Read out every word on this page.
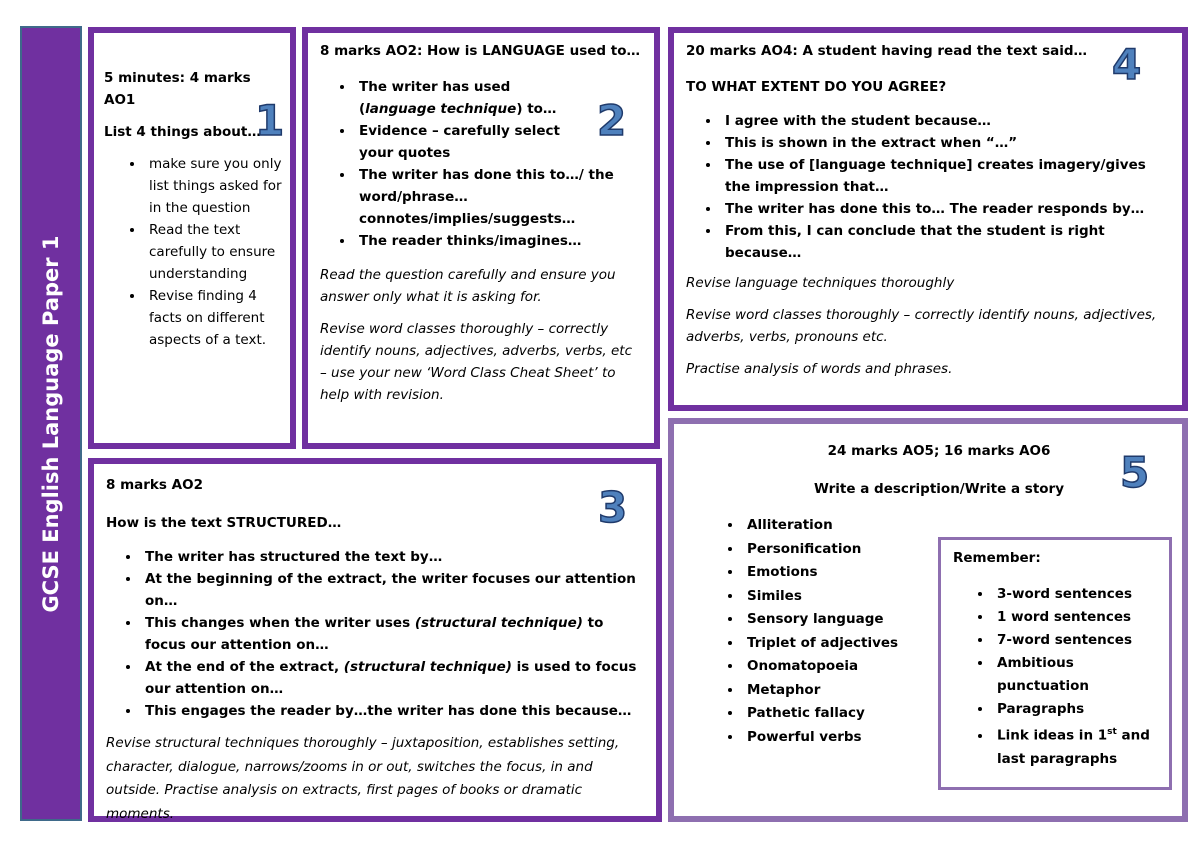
GCSE English Language Paper 1

5 minutes: 4 marks AO1

List 4 things about…

• make sure you only list things asked for in the question
• Read the text carefully to ensure understanding
• Revise finding 4 facts on different aspects of a text.
1

8 marks AO2: How is LANGUAGE used to…

• The writer has used (language technique) to…
• Evidence – carefully select your quotes
• The writer has done this to…/ the word/phrase… connotes/implies/suggests…
• The reader thinks/imagines…

Read the question carefully and ensure you answer only what it is asking for.

Revise word classes thoroughly – correctly identify nouns, adjectives, adverbs, verbs, etc – use your new ‘Word Class Cheat Sheet’ to help with revision.

2

8 marks AO2

How is the text STRUCTURED…

• The writer has structured the text by…
• At the beginning of the extract, the writer focuses our attention on…
• This changes when the writer uses (structural technique) to focus our attention on…
• At the end of the extract, (structural technique) is used to focus our attention on…
• This engages the reader by…the writer has done this because…

Revise structural techniques thoroughly – juxtaposition, establishes setting, character, dialogue, narrows/zooms in or out, switches the focus, in and outside. Practise analysis on extracts, first pages of books or dramatic moments.

3

20 marks AO4: A student having read the text said…

TO WHAT EXTENT DO YOU AGREE?

• I agree with the student because…
• This is shown in the extract when “…”
• The use of [language technique] creates imagery/gives the impression that…
• The writer has done this to… The reader responds by…
• From this, I can conclude that the student is right because…

Revise language techniques thoroughly

Revise word classes thoroughly – correctly identify nouns, adjectives, adverbs, verbs, pronouns etc.

Practise analysis of words and phrases.

4

24 marks AO5; 16 marks AO6

Write a description/Write a story

• Alliteration
• Personification
• Emotions
• Similes
• Sensory language
• Triplet of adjectives
• Onomatopoeia
• Metaphor
• Pathetic fallacy
• Powerful verbs
5

Remember:

• 3-word sentences
• 1 word sentences
• 7-word sentences
• Ambitious punctuation
• Paragraphs
• Link ideas in 1st and last paragraphs
